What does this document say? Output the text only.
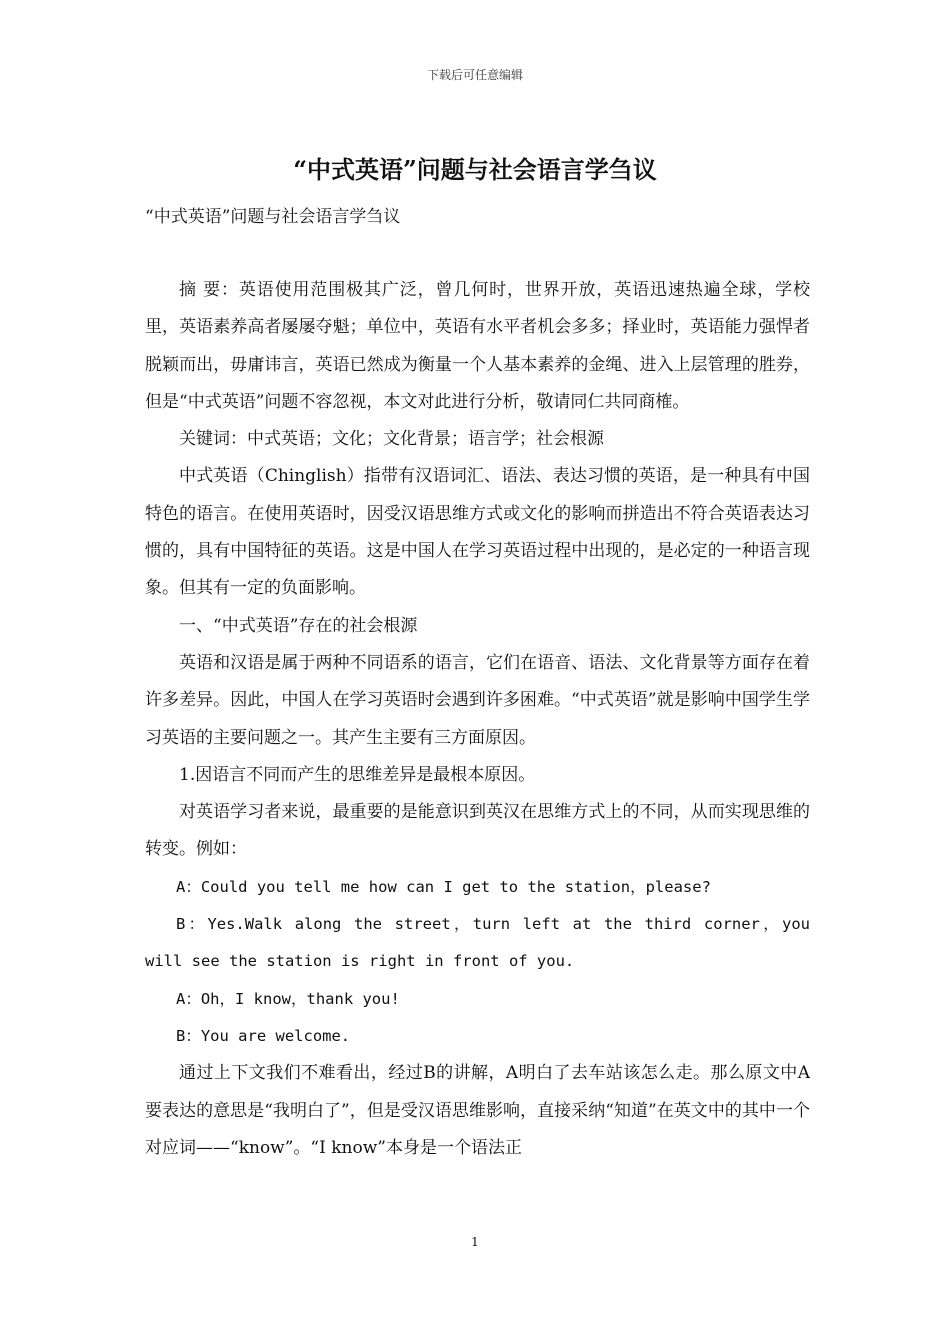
下载后可任意编辑
“中式英语”问题与社会语言学刍议

“中式英语”问题与社会语言学刍议

摘 要：英语使用范围极其广泛，曾几何时，世界开放，英语迅速热遍全球，学校里，英语素养高者屡屡夺魁；单位中，英语有水平者机会多多；择业时，英语能力强悍者脱颖而出，毋庸讳言，英语已然成为衡量一个人基本素养的金绳、进入上层管理的胜券，但是“中式英语”问题不容忽视，本文对此进行分析，敬请同仁共同商榷。

关键词：中式英语；文化；文化背景；语言学；社会根源

中式英语（Chinglish）指带有汉语词汇、语法、表达习惯的英语，是一种具有中国特色的语言。在使用英语时，因受汉语思维方式或文化的影响而拼造出不符合英语表达习惯的，具有中国特征的英语。这是中国人在学习英语过程中出现的，是必定的一种语言现象。但其有一定的负面影响。

一、“中式英语”存在的社会根源

英语和汉语是属于两种不同语系的语言，它们在语音、语法、文化背景等方面存在着许多差异。因此，中国人在学习英语时会遇到许多困难。“中式英语”就是影响中国学生学习英语的主要问题之一。其产生主要有三方面原因。

1.因语言不同而产生的思维差异是最根本原因。

对英语学习者来说，最重要的是能意识到英汉在思维方式上的不同，从而实现思维的转变。例如：

A：Could you tell me how can I get to the station，please?

B：Yes.Walk along the street，turn left at the third corner，you will see the station is right in front of you.

A：Oh，I know，thank you!

B：You are welcome.

通过上下文我们不难看出，经过B的讲解，A明白了去车站该怎么走。那么原文中A要表达的意思是“我明白了”，但是受汉语思维影响，直接采纳“知道”在英文中的其中一个对应词——“know”。“I know”本身是一个语法正

1
